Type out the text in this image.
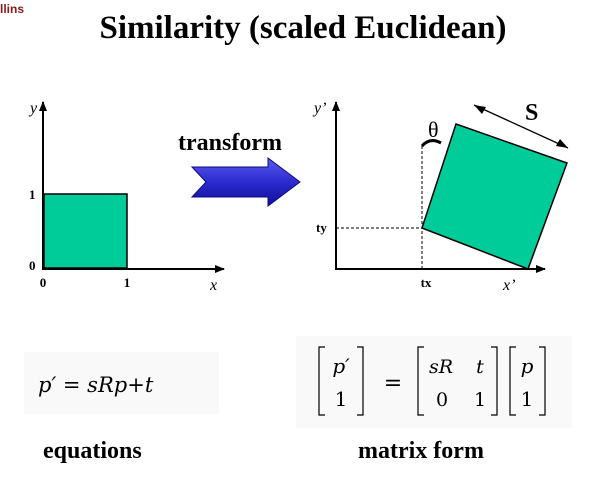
llins
Similarity (scaled Euclidean)
y
x
1
0
0	1
transform
y’
x’
ty
tx
θ
S
p′ = sRp+t
p′
1
=
sR t
0 1
p
1
equations	matrix form
